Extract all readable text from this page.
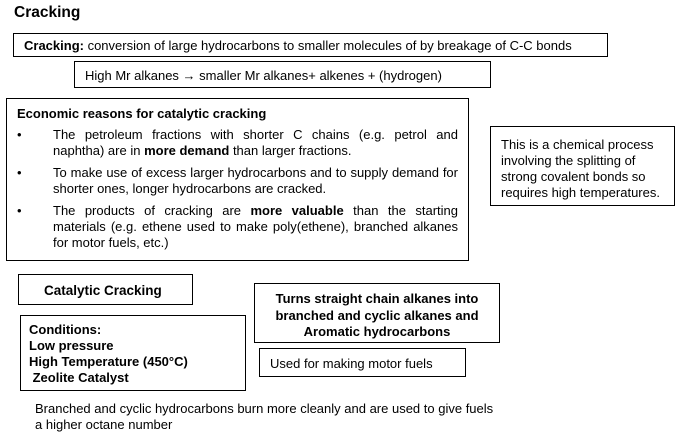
Cracking
Cracking: conversion of large hydrocarbons to smaller molecules of by breakage of C-C bonds
High Mr alkanes → smaller Mr alkanes+ alkenes + (hydrogen)
Economic reasons for catalytic cracking
• The petroleum fractions with shorter C chains (e.g. petrol and naphtha) are in more demand than larger fractions.
• To make use of excess larger hydrocarbons and to supply demand for shorter ones, longer hydrocarbons are cracked.
• The products of cracking are more valuable than the starting materials (e.g. ethene used to make poly(ethene), branched alkanes for motor fuels, etc.)
This is a chemical process involving the splitting of strong covalent bonds so requires high temperatures.
Catalytic Cracking
Turns straight chain alkanes into branched and cyclic alkanes and Aromatic hydrocarbons
Conditions:
Low pressure
High Temperature (450°C)
Zeolite Catalyst
Used for making motor fuels
Branched and cyclic hydrocarbons burn more cleanly and are used to give fuels a higher octane number
